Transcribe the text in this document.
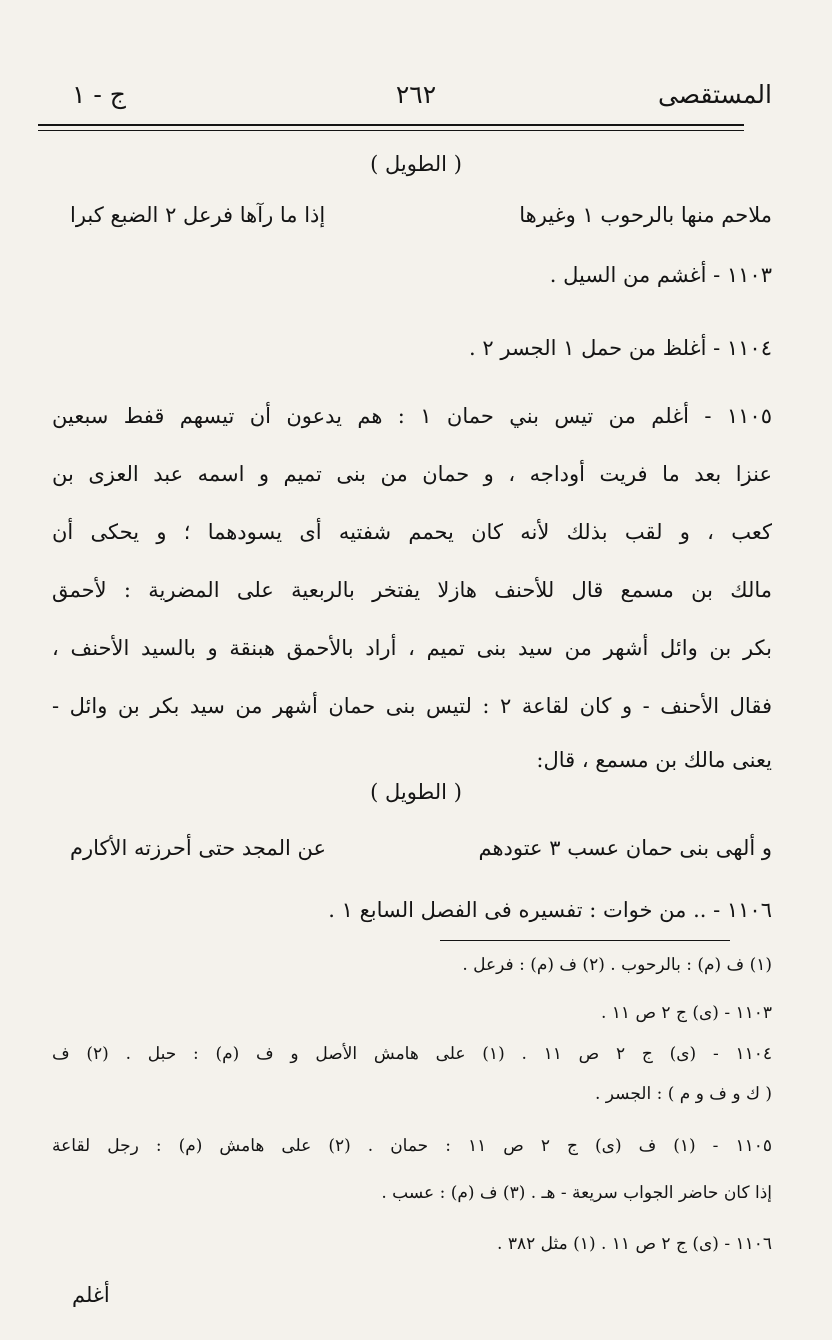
المستقصى
٢٦٢
ج - ١
( الطويل )
ملاحم منها بالرحوب ١ وغيرها
إذا ما رآها فرعل ٢ الضبع كبرا
١١٠٣ - أغشم من السيل .
١١٠٤ - أغلظ من حمل ١ الجسر ٢ .
١١٠٥ - أغلم من تيس بني حمان ١ : هم يدعون أن تيسهم قفط سبعين
عنزا بعد ما فريت أوداجه ، و حمان من بنى تميم و اسمه عبد العزى بن
كعب ، و لقب بذلك لأنه كان يحمم شفتيه أى يسودهما ؛ و يحكى أن
مالك بن مسمع قال للأحنف هازلا يفتخر بالربعية على المضرية : لأحمق
بكر بن وائل أشهر من سيد بنى تميم ، أراد بالأحمق هبنقة و بالسيد الأحنف ،
فقال الأحنف - و كان لقاعة ٢ : لتيس بنى حمان أشهر من سيد بكر بن وائل -
يعنى مالك بن مسمع ، قال:
( الطويل )
و ألهى بنى حمان عسب ٣ عتودهم
عن المجد حتى أحرزته الأكارم
١١٠٦ - .. من خوات : تفسيره فى الفصل السابع ١ .
(١) ف (م) : بالرحوب . (٢) ف (م) : فرعل .
١١٠٣ - (ى) ج ٢ ص ١١ .
١١٠٤ - (ى) ج ٢ ص ١١ . (١) على هامش الأصل و ف (م) : حبل . (٢) ف
( ك و ف و م ) : الجسر .
١١٠٥ - (١) ف (ى) ج ٢ ص ١١ : حمان . (٢) على هامش (م) : رجل لقاعة
إذا كان حاضر الجواب سريعة - هـ . (٣) ف (م) : عسب .
١١٠٦ - (ى) ج ٢ ص ١١ . (١) مثل ٣٨٢ .
أغلم
